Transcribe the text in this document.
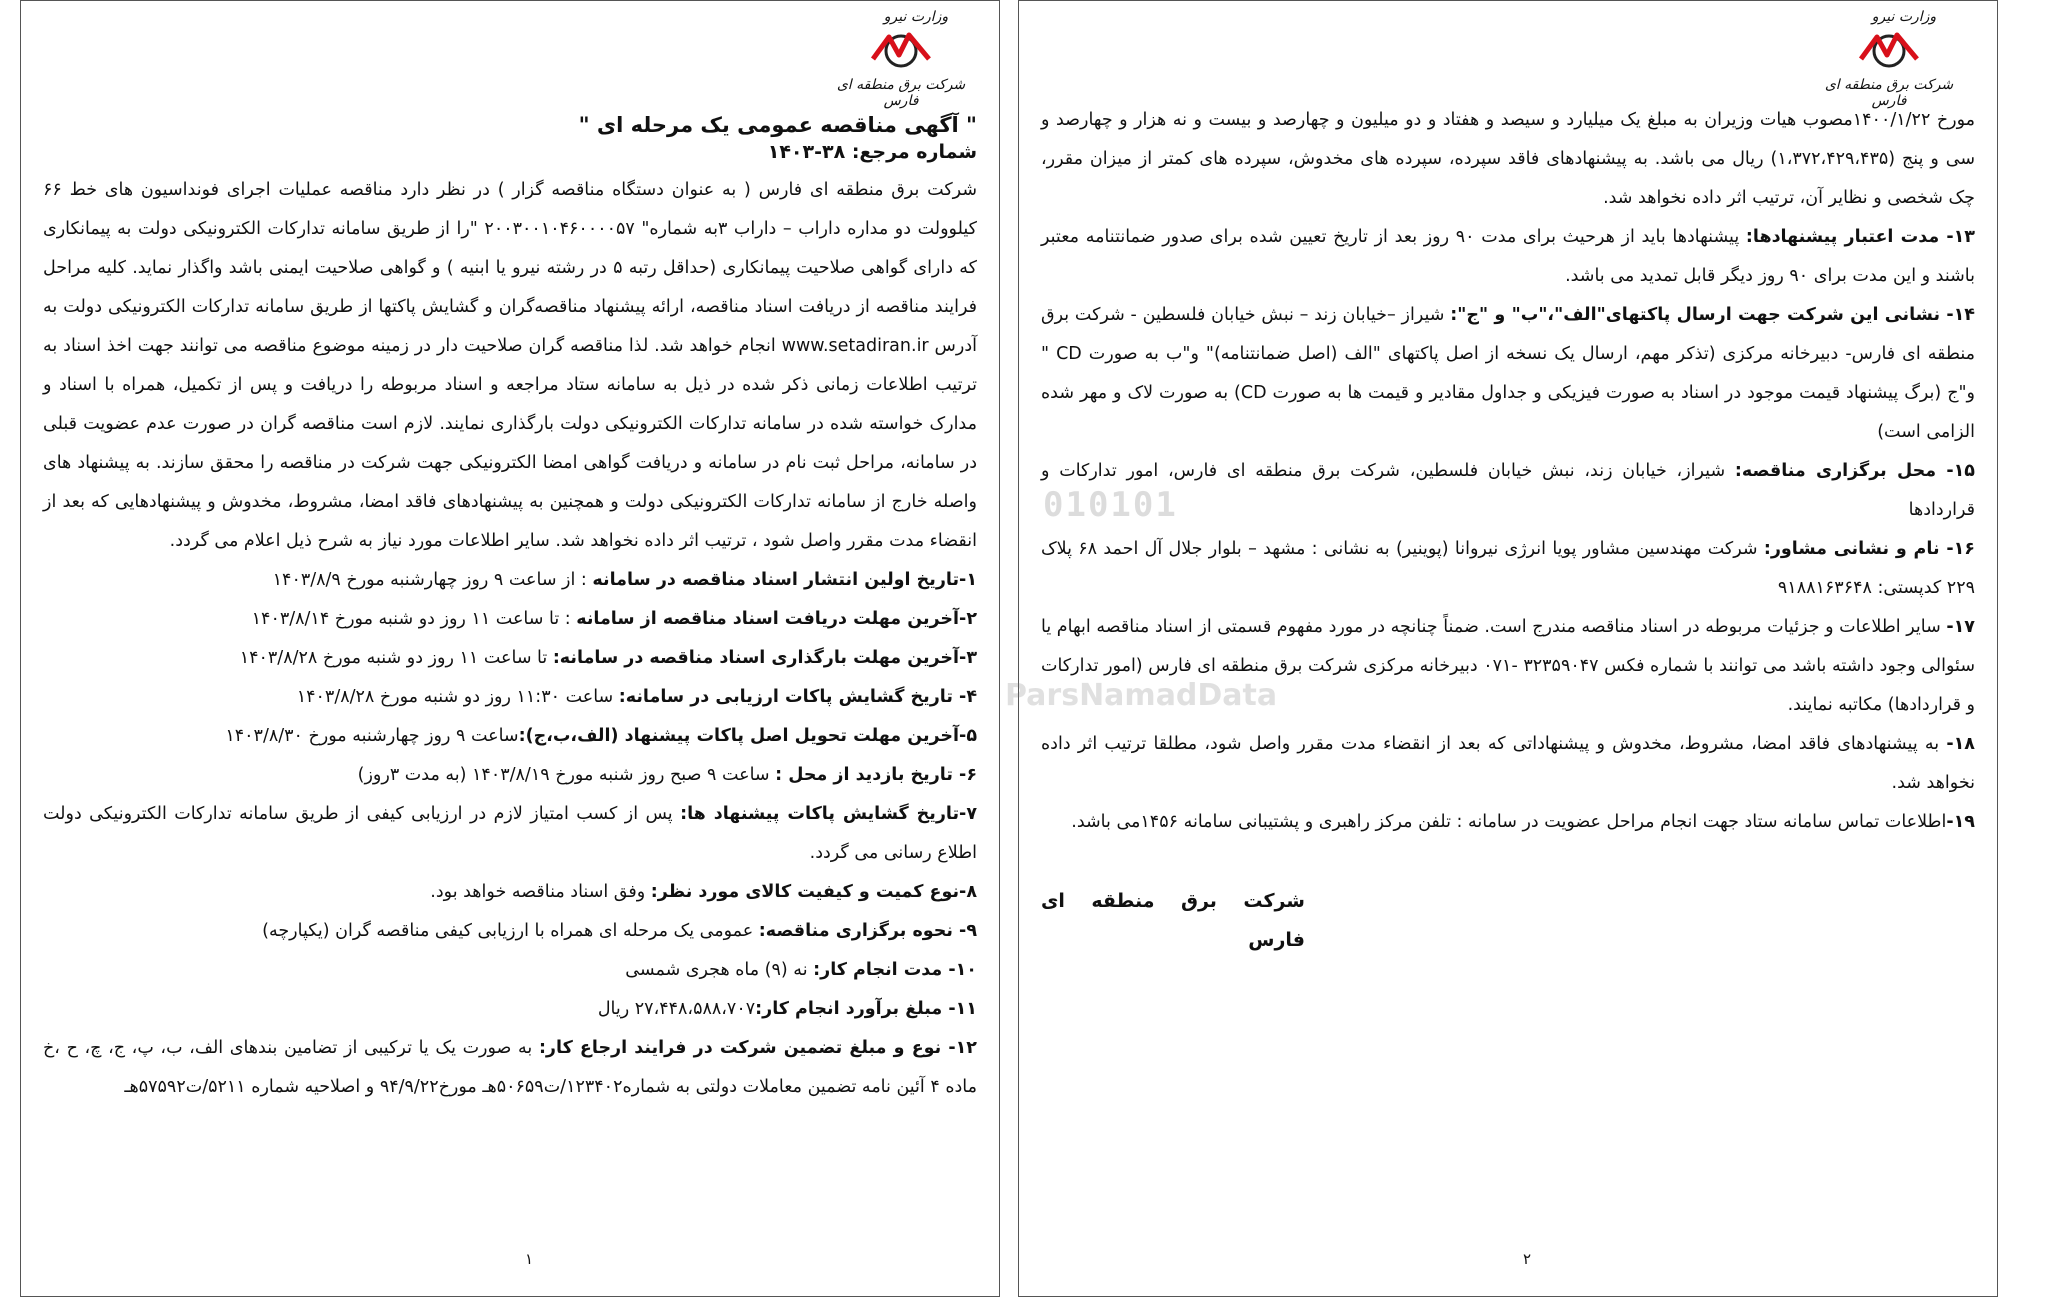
وزارت نیرو
شرکت برق منطقه ای فارس

" آگهی مناقصه عمومی یک مرحله ای "

شماره مرجع: ۳۸-۱۴۰۳

شرکت برق منطقه ای فارس ( به عنوان دستگاه مناقصه گزار ) در نظر دارد مناقصه عملیات اجرای فونداسیون های خط ۶۶ کیلوولت دو مداره داراب – داراب ۳به شماره" ۲۰۰۳۰۰۱۰۴۶۰۰۰۰۵۷ "را از طریق سامانه تدارکات الکترونیکی دولت به پیمانکاری که دارای گواهی صلاحیت پیمانکاری (حداقل رتبه ۵ در رشته نیرو یا ابنیه ) و گواهی صلاحیت ایمنی باشد واگذار نماید. کلیه مراحل فرایند مناقصه از دریافت اسناد مناقصه، ارائه پیشنهاد مناقصه‌گران و گشایش پاکتها از طریق سامانه تدارکات الکترونیکی دولت به آدرس www.setadiran.ir انجام خواهد شد. لذا مناقصه گران صلاحیت دار در زمینه موضوع مناقصه می توانند جهت اخذ اسناد به ترتیب اطلاعات زمانی ذکر شده در ذیل به سامانه ستاد مراجعه و اسناد مربوطه را دریافت و پس از تکمیل، همراه با اسناد و مدارک خواسته شده در سامانه تدارکات الکترونیکی دولت بارگذاری نمایند. لازم است مناقصه گران در صورت عدم عضویت قبلی در سامانه، مراحل ثبت نام در سامانه و دریافت گواهی امضا الکترونیکی جهت شرکت در مناقصه را محقق سازند. به پیشنهاد های واصله خارج از سامانه تدارکات الکترونیکی دولت و همچنین به پیشنهادهای فاقد امضا، مشروط، مخدوش و پیشنهادهایی که بعد از انقضاء مدت مقرر واصل شود ، ترتیب اثر داده نخواهد شد. سایر اطلاعات مورد نیاز به شرح ذیل اعلام می گردد.

۱-تاریخ اولین انتشار اسناد مناقصه در سامانه : از ساعت ۹ روز چهارشنبه مورخ ۱۴۰۳/۸/۹

۲-آخرین مهلت دریافت اسناد مناقصه از سامانه : تا ساعت ۱۱ روز دو شنبه مورخ ۱۴۰۳/۸/۱۴

۳-آخرین مهلت بارگذاری اسناد مناقصه در سامانه: تا ساعت ۱۱ روز دو شنبه مورخ ۱۴۰۳/۸/۲۸

۴- تاریخ گشایش پاکات ارزیابی در سامانه: ساعت ۱۱:۳۰ روز دو شنبه مورخ ۱۴۰۳/۸/۲۸

۵-آخرین مهلت تحویل اصل پاکات پیشنهاد (الف،ب،ج):ساعت ۹ روز چهارشنبه مورخ ۱۴۰۳/۸/۳۰

۶- تاریخ بازدید از محل : ساعت ۹ صبح روز شنبه مورخ ۱۴۰۳/۸/۱۹ (به مدت ۳روز)

۷-تاریخ گشایش پاکات پیشنهاد ها: پس از کسب امتیاز لازم در ارزیابی کیفی از طریق سامانه تدارکات الکترونیکی دولت اطلاع رسانی می گردد.

۸-نوع کمیت و کیفیت کالای مورد نظر: وفق اسناد مناقصه خواهد بود.

۹- نحوه برگزاری مناقصه: عمومی یک مرحله ای همراه با ارزیابی کیفی مناقصه گران (یکپارچه)

۱۰- مدت انجام کار: نه (۹) ماه هجری شمسی

۱۱- مبلغ برآورد انجام کار:۲۷،۴۴۸،۵۸۸،۷۰۷ ریال

۱۲- نوع و مبلغ تضمین شرکت در فرایند ارجاع کار: به صورت یک یا ترکیبی از تضامین بندهای الف، ب، پ، ج، چ، ح ،خ ماده ۴ آئین نامه تضمین معاملات دولتی به شماره۱۲۳۴۰۲/ت۵۰۶۵۹هـ مورخ۹۴/۹/۲۲ و اصلاحیه شماره ۵۲۱۱/ت۵۷۵۹۲هـ

۱
وزارت نیرو
شرکت برق منطقه ای فارس

مورخ ۱۴۰۰/۱/۲۲مصوب هیات وزیران به مبلغ یک میلیارد و سیصد و هفتاد و دو میلیون و چهارصد و بیست و نه هزار و چهارصد و سی و پنج (۱،۳۷۲،۴۲۹،۴۳۵) ریال می باشد. به پیشنهادهای فاقد سپرده، سپرده های مخدوش، سپرده های کمتر از میزان مقرر، چک شخصی و نظایر آن، ترتیب اثر داده نخواهد شد.

۱۳- مدت اعتبار پیشنهادها: پیشنهادها باید از هرحیث برای مدت ۹۰ روز بعد از تاریخ تعیین شده برای صدور ضمانتنامه معتبر باشند و این مدت برای ۹۰ روز دیگر قابل تمدید می باشد.

۱۴- نشانی این شرکت جهت ارسال پاکتهای"الف"،"ب" و "ج": شیراز –خیابان زند – نبش خیابان فلسطین - شرکت برق منطقه ای فارس- دبیرخانه مرکزی (تذکر مهم، ارسال یک نسخه از اصل پاکتهای "الف (اصل ضمانتنامه)" و"ب به صورت CD " و"ج (برگ پیشنهاد قیمت موجود در اسناد به صورت فیزیکی و جداول مقادیر و قیمت ها به صورت CD) به صورت لاک و مهر شده الزامی است)

۱۵- محل برگزاری مناقصه: شیراز، خیابان زند، نبش خیابان فلسطین، شرکت برق منطقه ای فارس، امور تدارکات و قراردادها

۱۶- نام و نشانی مشاور: شرکت مهندسین مشاور پویا انرژی نیروانا (پوینیر) به نشانی : مشهد – بلوار جلال آل احمد ۶۸ پلاک ۲۲۹ کدپستی: ۹۱۸۸۱۶۳۶۴۸

۱۷- سایر اطلاعات و جزئیات مربوطه در اسناد مناقصه مندرج است. ضمناً چنانچه در مورد مفهوم قسمتی از اسناد مناقصه ابهام یا سئوالی وجود داشته باشد می توانند با شماره فکس ۳۲۳۵۹۰۴۷ -۰۷۱ دبیرخانه مرکزی شرکت برق منطقه ای فارس (امور تدارکات و قراردادها) مکاتبه نمایند.

۱۸- به پیشنهادهای فاقد امضا، مشروط، مخدوش و پیشنهاداتی که بعد از انقضاء مدت مقرر واصل شود، مطلقا ترتیب اثر داده نخواهد شد.

۱۹-اطلاعات تماس سامانه ستاد جهت انجام مراحل عضویت در سامانه : تلفن مرکز راهبری و پشتیبانی سامانه ۱۴۵۶می باشد.

شرکت برق منطقه ای فارس

۲
010101
ParsNamadData
